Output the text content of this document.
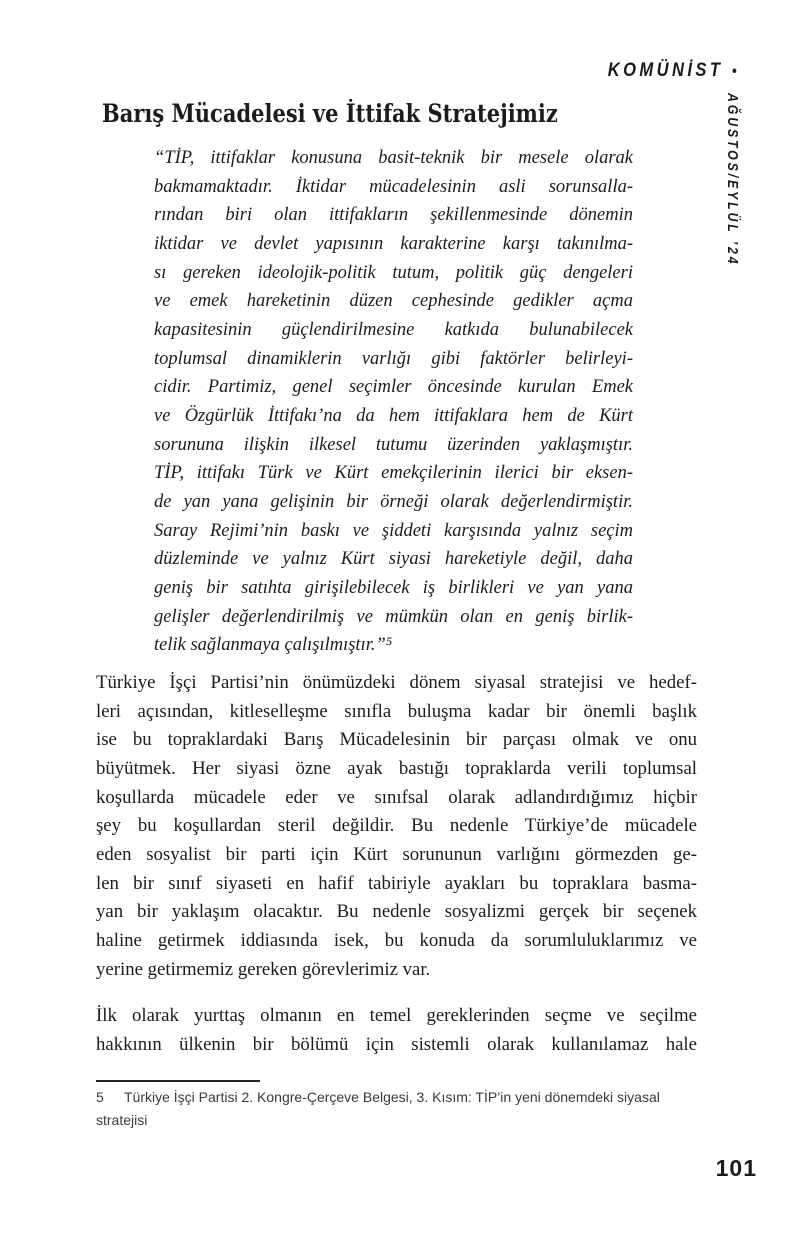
KOMÜNİST •
AĞUSTOS/EYLÜL ’24
Barış Mücadelesi ve İttifak Stratejimiz
“TİP, ittifaklar konusuna basit-teknik bir mesele olarak
bakmamaktadır. İktidar mücadelesinin asli sorunsalla-
rından biri olan ittifakların şekillenmesinde dönemin
iktidar ve devlet yapısının karakterine karşı takınılma-
sı gereken ideolojik-politik tutum, politik güç dengeleri
ve emek hareketinin düzen cephesinde gedikler açma
kapasitesinin güçlendirilmesine katkıda bulunabilecek
toplumsal dinamiklerin varlığı gibi faktörler belirleyi-
cidir. Partimiz, genel seçimler öncesinde kurulan Emek
ve Özgürlük İttifakı’na da hem ittifaklara hem de Kürt
sorununa ilişkin ilkesel tutumu üzerinden yaklaşmıştır.
TİP, ittifakı Türk ve Kürt emekçilerinin ilerici bir eksen-
de yan yana gelişinin bir örneği olarak değerlendirmiştir.
Saray Rejimi’nin baskı ve şiddeti karşısında yalnız seçim
düzleminde ve yalnız Kürt siyasi hareketiyle değil, daha
geniş bir satıhta girişilebilecek iş birlikleri ve yan yana
gelişler değerlendirilmiş ve mümkün olan en geniş birlik-
telik sağlanmaya çalışılmıştır.”⁵
Türkiye İşçi Partisi’nin önümüzdeki dönem siyasal stratejisi ve hedef-
leri açısından, kitleselleşme sınıfla buluşma kadar bir önemli başlık
ise bu topraklardaki Barış Mücadelesinin bir parçası olmak ve onu
büyütmek. Her siyasi özne ayak bastığı topraklarda verili toplumsal
koşullarda mücadele eder ve sınıfsal olarak adlandırdığımız hiçbir
şey bu koşullardan steril değildir. Bu nedenle Türkiye’de mücadele
eden sosyalist bir parti için Kürt sorununun varlığını görmezden ge-
len bir sınıf siyaseti en hafif tabiriyle ayakları bu topraklara basma-
yan bir yaklaşım olacaktır. Bu nedenle sosyalizmi gerçek bir seçenek
haline getirmek iddiasında isek, bu konuda da sorumluluklarımız ve
yerine getirmemiz gereken görevlerimiz var.
İlk olarak yurttaş olmanın en temel gereklerinden seçme ve seçilme
hakkının ülkenin bir bölümü için sistemli olarak kullanılamaz hale
5 Türkiye İşçi Partisi 2. Kongre-Çerçeve Belgesi, 3. Kısım: TİP’in yeni dönemdeki siyasal stratejisi
101
